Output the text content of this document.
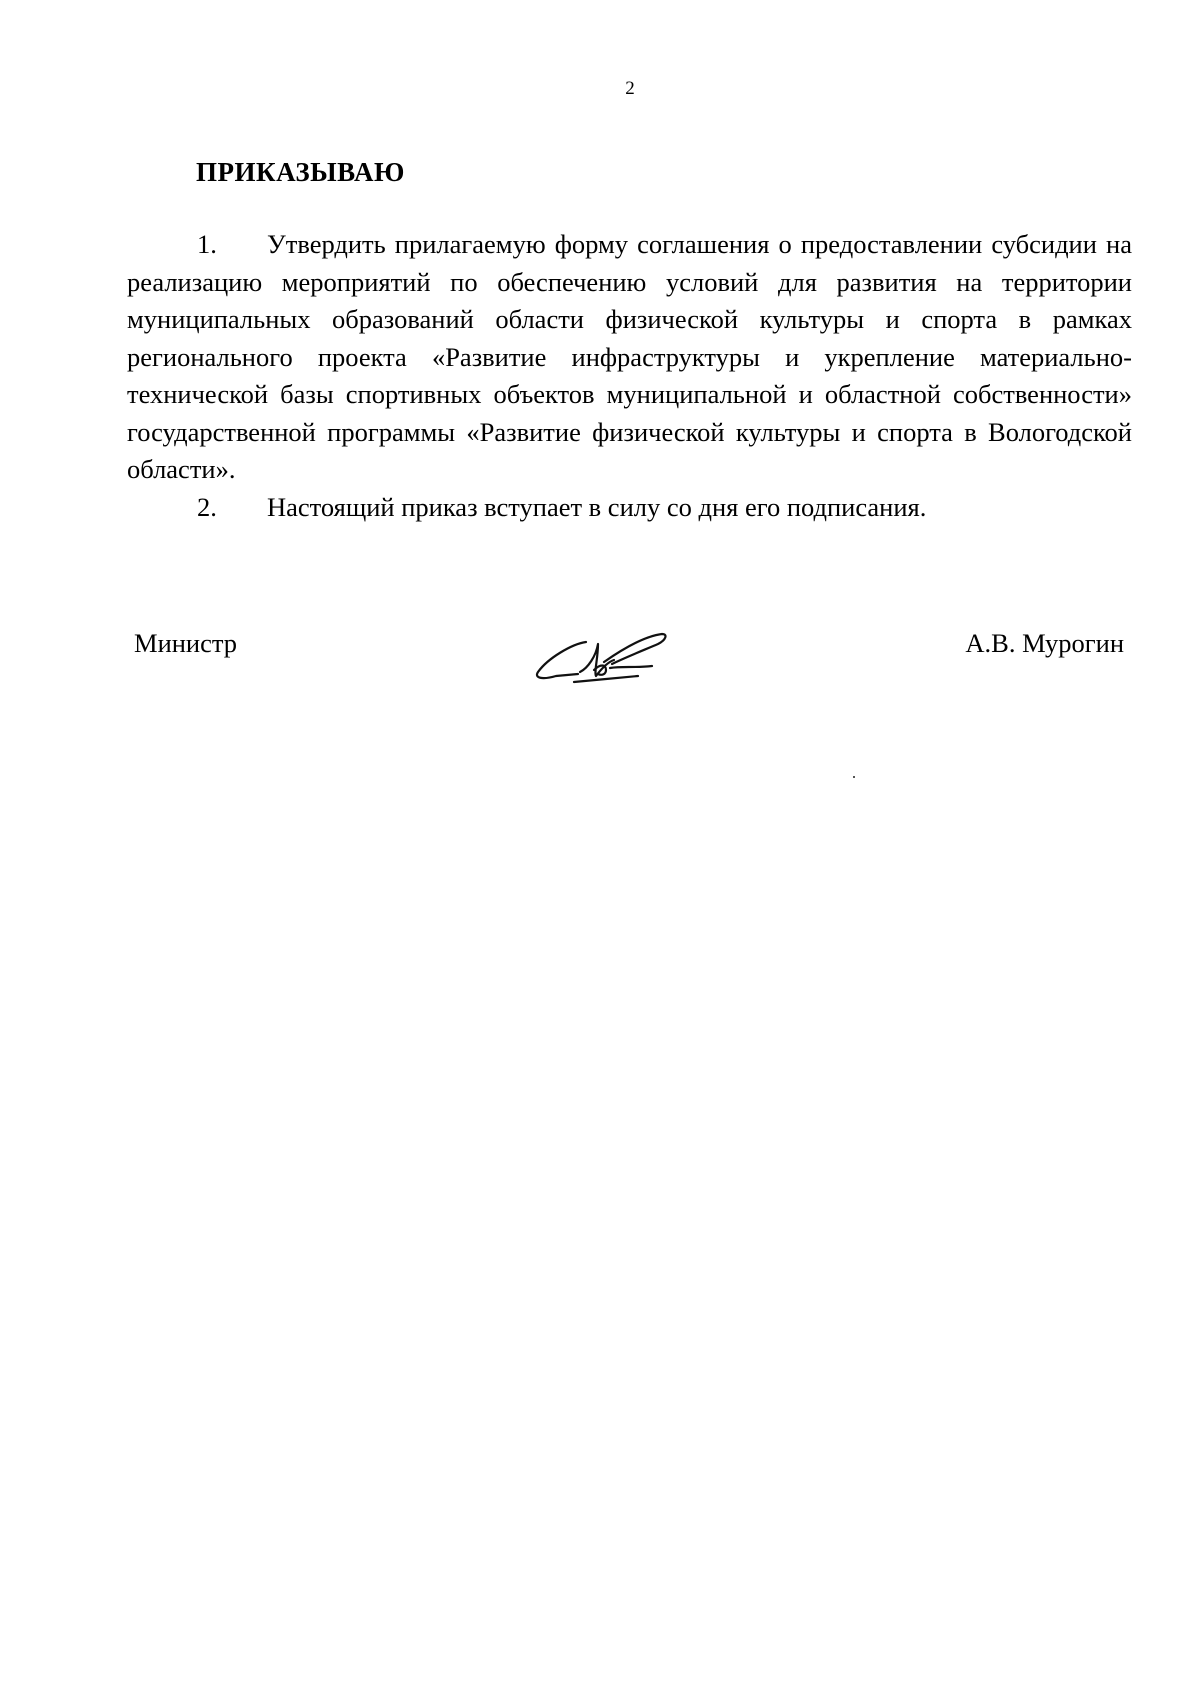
2
ПРИКАЗЫВАЮ

1. Утвердить прилагаемую форму соглашения о предоставлении субсидии на реализацию мероприятий по обеспечению условий для развития на территории муниципальных образований области физической культуры и спорта в рамках регионального проекта «Развитие инфраструктуры и укрепление материально-технической базы спортивных объектов муниципальной и областной собственности» государственной программы «Развитие физической культуры и спорта в Вологодской области».

2. Настоящий приказ вступает в силу со дня его подписания.

Министр	А.В. Мурогин
